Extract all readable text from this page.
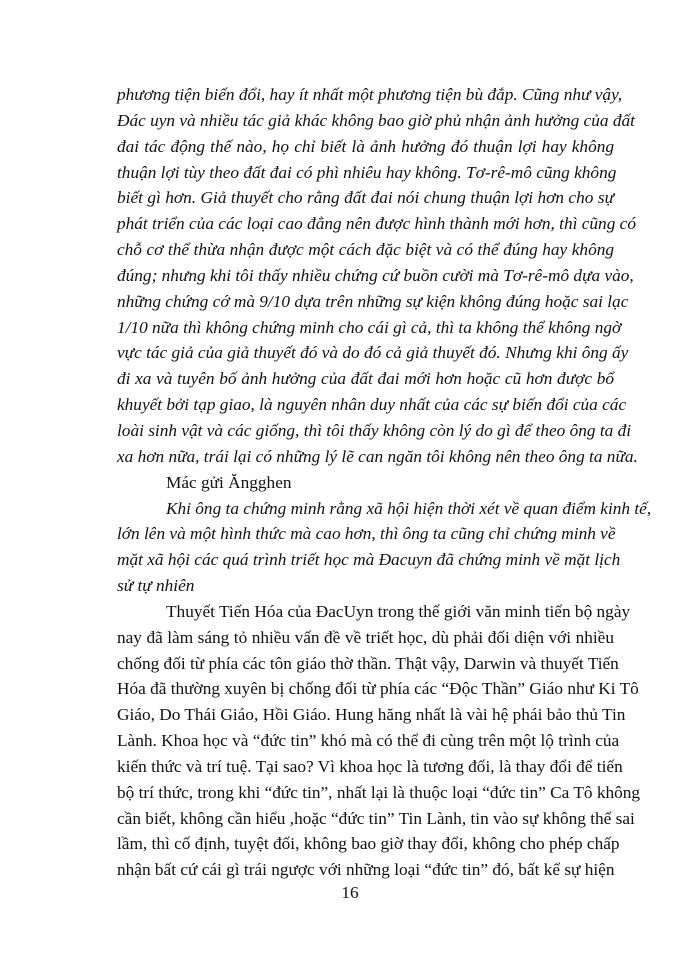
phương tiện biến đổi, hay ít nhất một phương tiện bù đắp. Cũng như vậy,
Đác uyn và nhiều tác giả khác không bao giờ phủ nhận ảnh hưởng của đất
đai tác động thế nào, họ chỉ biết là ảnh hưởng đó thuận lợi hay không
thuận lợi tùy theo đất đai có phì nhiêu hay không. Tơ-rê-mô cũng không
biết gì hơn. Giả thuyết cho rằng đất đai nói chung thuận lợi hơn cho sự
phát triển của các loại cao đẳng nên được hình thành mới hơn, thì cũng có
chỗ cơ thể thừa nhận được một cách đặc biệt và có thể đúng hay không
đúng; nhưng khi tôi thấy nhiều chứng cứ buồn cười mà Tơ-rê-mô dựa vào,
những chứng cớ mà 9/10 dựa trên những sự kiện không đúng hoặc sai lạc
1/10 nữa thì không chứng minh cho cái gì cả, thì ta không thể không ngờ
vực tác giả của giả thuyết đó và do đó cả giả thuyết đó. Nhưng khi ông ấy
đi xa và tuyên bố ảnh hưởng của đất đai mới hơn hoặc cũ hơn được bổ
khuyết bởi tạp giao, là nguyên nhân duy nhất của các sự biến đổi của các
loài sinh vật và các giống, thì tôi thấy không còn lý do gì để theo ông ta đi
xa hơn nữa, trái lại có những lý lẽ can ngăn tôi không nên theo ông ta nữa.
Mác gửi Ăngghen
Khi ông ta chứng minh rằng xã hội hiện thời xét về quan điểm kinh tế,
lớn lên và một hình thức mà cao hơn, thì ông ta cũng chỉ chứng minh về
mặt xã hội các quá trình triết học mà Đacuyn đã chứng minh về mặt lịch
sử tự nhiên
Thuyết Tiến Hóa của ĐacUyn trong thế giới văn minh tiến bộ ngày
nay đã làm sáng tỏ nhiều vấn đề về triết học, dù phải đối diện với nhiều
chống đối từ phía các tôn giáo thờ thần. Thật vậy, Darwin và thuyết Tiến
Hóa đã thường xuyên bị chống đối từ phía các “Độc Thần” Giáo như Ki Tô
Giáo, Do Thái Giáo, Hồi Giáo. Hung hăng nhất là vài hệ phái bảo thủ Tin
Lành. Khoa học và “đức tin” khó mà có thể đi cùng trên một lộ trình của
kiến thức và trí tuệ. Tại sao? Vì khoa học là tương đối, là thay đổi để tiến
bộ trí thức, trong khi “đức tin”, nhất lại là thuộc loại “đức tin” Ca Tô không
cần biết, không cần hiểu ,hoặc “đức tin” Tin Lành, tin vào sự không thể sai
lầm, thì cố định, tuyệt đối, không bao giờ thay đổi, không cho phép chấp
nhận bất cứ cái gì trái ngược với những loại “đức tin” đó, bất kể sự hiện
16
